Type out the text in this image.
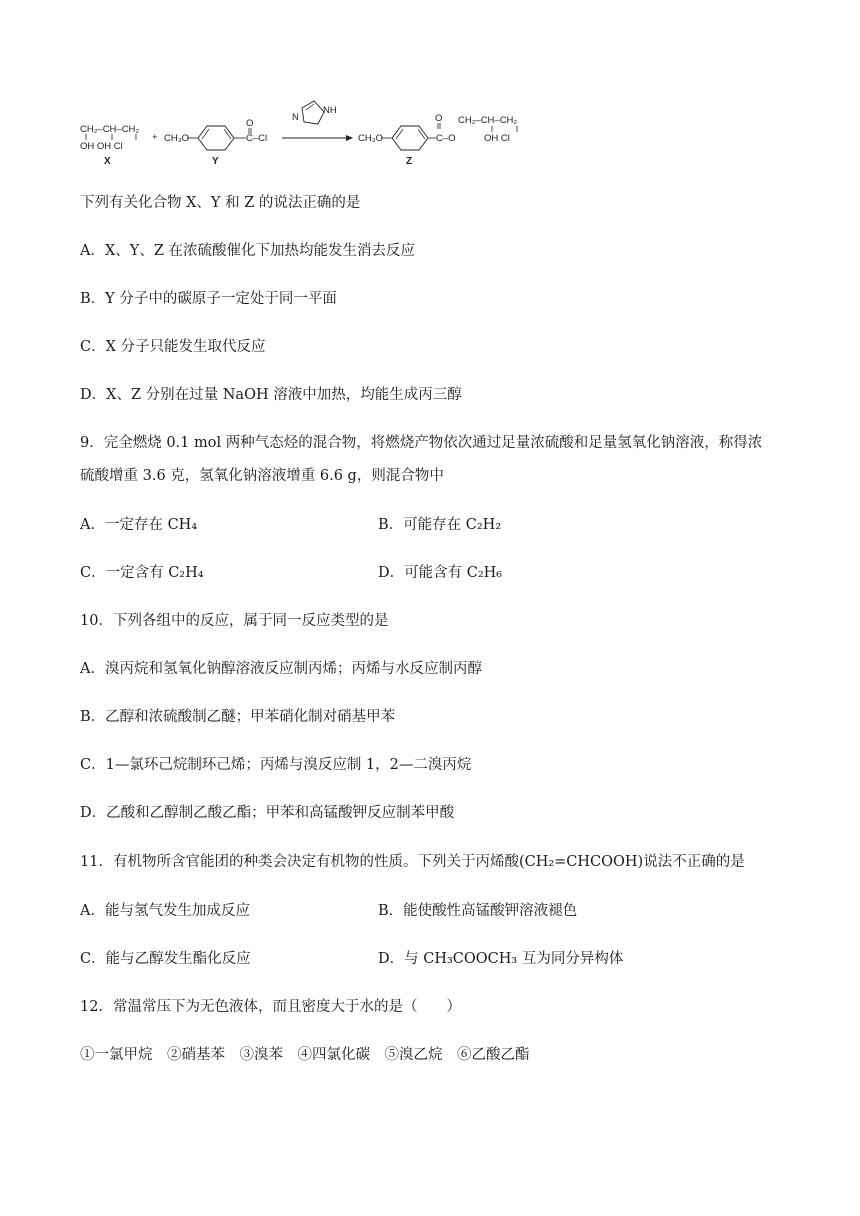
CH₂–CH–CH₂
OH OH Cl
X
+ CH₃O
O
C–Cl
Y
N
NH
CH₃O
O
C–O
CH₂–CH–CH₂
OH Cl
Z
下列有关化合物 X、Y 和 Z 的说法正确的是
A．X、Y、Z 在浓硫酸催化下加热均能发生消去反应
B．Y 分子中的碳原子一定处于同一平面
C．X 分子只能发生取代反应
D．X、Z 分别在过量 NaOH 溶液中加热，均能生成丙三醇
9．完全燃烧 0.1 mol 两种气态烃的混合物，将燃烧产物依次通过足量浓硫酸和足量氢氧化钠溶液，称得浓
硫酸增重 3.6 克，氢氧化钠溶液增重 6.6 g，则混合物中
A．一定存在 CH₄	B．可能存在 C₂H₂
C．一定含有 C₂H₄	D．可能含有 C₂H₆
10．下列各组中的反应，属于同一反应类型的是
A．溴丙烷和氢氧化钠醇溶液反应制丙烯；丙烯与水反应制丙醇
B．乙醇和浓硫酸制乙醚；甲苯硝化制对硝基甲苯
C．1—氯环己烷制环己烯；丙烯与溴反应制 1，2—二溴丙烷
D．乙酸和乙醇制乙酸乙酯；甲苯和高锰酸钾反应制苯甲酸
11．有机物所含官能团的种类会决定有机物的性质。下列关于丙烯酸(CH₂=CHCOOH)说法不正确的是
A．能与氢气发生加成反应	B．能使酸性高锰酸钾溶液褪色
C．能与乙醇发生酯化反应	D．与 CH₃COOCH₃ 互为同分异构体
12．常温常压下为无色液体，而且密度大于水的是（　　）
①一氯甲烷　②硝基苯　③溴苯　④四氯化碳　⑤溴乙烷　⑥乙酸乙酯
